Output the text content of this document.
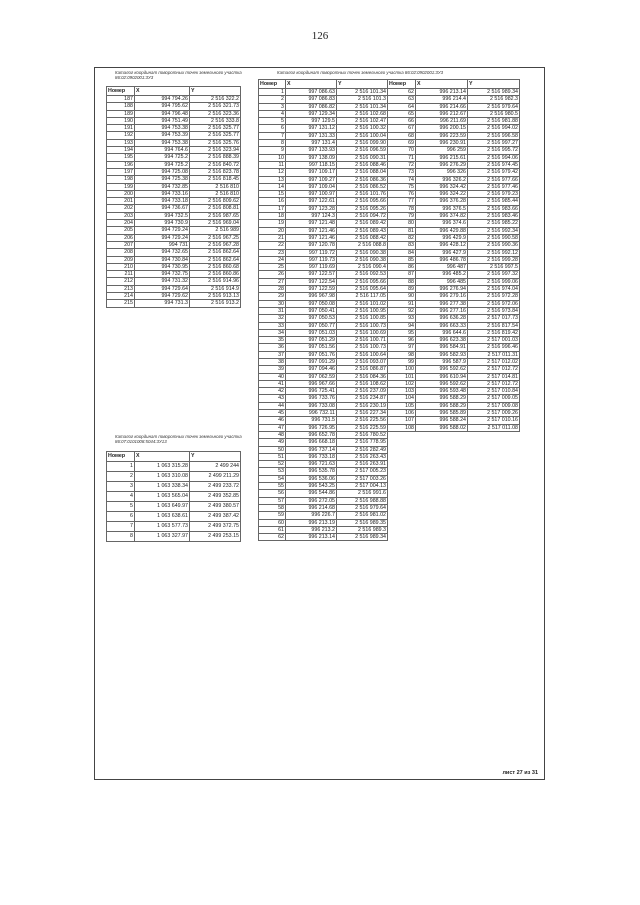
126
Каталог координат поворотных точек земельного участка 86:02:0902001:3У3
Каталог координат поворотных точек земельного участка 86:07:0101008:5044:3У13
Каталог координат поворотных точек земельного участка 86:02:0902001:3У3
Номер	X	Y
187	994 794.26	2 516 322.2
188	994 795.62	2 516 321.73
189	994 796.48	2 516 323.36
190	994 751.49	2 516 333.8
191	994 753.38	2 516 325.77
192	994 753.39	2 516 325.77
193	994 753.38	2 516 325.76
194	994 764.6	2 516 323.94
195	994 725.2	2 516 888.39
196	994 725.2	2 516 840.72
197	994 725.08	2 516 823.78
198	994 725.38	2 516 818.45
199	994 732.85	2 516 810
200	994 733.16	2 516 810
201	994 733.18	2 516 809.62
202	994 736.67	2 516 808.81
203	994 732.5	2 516 987.65
204	994 730.9	2 516 969.04
205	994 729.24	2 516 989
206	994 729.24	2 516 967.25
207	994 731	2 516 967.28
208	994 732.65	2 516 862.64
209	994 730.84	2 516 862.64
210	994 730.95	2 516 860.68
211	994 732.75	2 516 860.86
212	994 731.32	2 516 914.96
213	994 729.64	2 516 914.9
214	994 729.62	2 516 913.13
215	994 731.3	2 516 913.2
Номер	X	Y
1	1 063 315.28	2 499 244
2	1 063 310.08	2 499 211.29
3	1 063 338.34	2 499 233.72
4	1 063 565.04	2 499 352.85
5	1 063 649.97	2 499 380.57
6	1 063 638.61	2 499 387.42
7	1 063 577.73	2 499 372.75
8	1 063 327.97	2 499 253.15
Номер	X	Y
1	997 086.63	2 516 101.34
2	997 086.83	2 516 101.3
3	997 086.82	2 516 101.34
4	997 129.34	2 516 102.68
5	997 129.5	2 516 102.47
6	997 131.12	2 516 100.32
7	997 131.33	2 516 100.04
8	997 131.4	2 516 099.90
9	997 133.93	2 516 096.59
10	997 138.09	2 516 090.31
11	997 118.15	2 516 088.46
12	997 109.17	2 516 088.04
13	997 109.27	2 516 086.36
14	997 109.04	2 516 086.52
15	997 100.97	2 516 101.76
16	997 122.61	2 516 095.66
17	997 123.28	2 516 095.26
18	997 124.3	2 516 094.72
19	997 121.48	2 516 089.42
20	997 121.46	2 516 089.43
21	997 121.46	2 516 088.42
22	997 120.78	2 516 088.8
23	997 119.72	2 516 090.38
24	997 119.73	2 516 090.38
25	997 119.69	2 516 090.4
26	997 122.57	2 516 092.53
27	997 122.54	2 516 095.66
28	997 122.59	2 516 095.64
29	996 967.98	2 516 117.05
30	997 050.08	2 516 101.02
31	997 050.41	2 516 100.95
32	997 050.53	2 516 100.85
33	997 050.77	2 516 100.73
34	997 051.03	2 516 100.69
35	997 051.29	2 516 100.71
36	997 051.56	2 516 100.73
37	997 051.76	2 516 100.64
38	997 091.29	2 516 093.07
39	997 094.46	2 516 086.87
40	997 062.59	2 516 084.36
41	996 967.66	2 516 108.62
42	996 725.41	2 516 237.09
43	996 733.76	2 516 234.87
44	996 733.08	2 516 230.19
45	996 732.11	2 516 227.34
46	996 731.5	2 516 225.56
47	996 726.95	2 516 225.59
48	996 652.78	2 516 780.52
49	996 668.18	2 516 778.95
50	996 737.14	2 516 282.49
51	996 733.18	2 516 263.43
52	996 721.63	2 516 263.91
53	996 535.78	2 517 005.23
54	996 536.06	2 517 003.26
55	996 543.25	2 517 004.13
56	996 544.86	2 516 991.6
57	996 272.05	2 516 988.88
58	996 214.68	2 516 979.64
59	996 226.7	2 516 981.02
60	996 213.19	2 516 989.35
61	996 213.2	2 516 989.3
62	996 213.14	2 516 989.34
Номер	X	Y
62	996 213.14	2 516 989.34
63	996 214.4	2 516 982.3
64	996 214.66	2 516 979.64
65	996 212.67	2 516 980.5
66	996 211.69	2 516 981.88
67	996 200.15	2 516 994.02
68	996 223.59	2 516 996.58
69	996 230.91	2 516 997.27
70	996 259	2 516 995.72
71	996 215.61	2 516 994.06
72	996 276.29	2 516 974.45
73	996 326	2 516 979.42
74	996 326.2	2 516 977.66
75	996 324.42	2 516 977.46
76	996 324.22	2 516 979.23
77	996 376.28	2 516 985.44
78	996 376.5	2 516 983.66
79	996 374.82	2 516 983.46
80	996 374.6	2 516 985.22
81	996 429.88	2 516 992.34
82	996 429.9	2 516 990.58
83	996 428.12	2 516 990.36
84	996 427.9	2 516 992.12
85	996 486.78	2 516 999.28
86	996 487	2 516 997.5
87	996 485.2	2 516 997.32
88	996 485	2 516 999.06
89	996 276.94	2 516 974.04
90	996 279.16	2 516 972.28
91	996 277.38	2 516 972.06
92	996 277.16	2 516 973.84
93	996 636.28	2 517 017.73
94	996 663.33	2 516 817.54
95	996 644.6	2 516 819.42
96	996 623.38	2 517 001.03
97	996 584.91	2 516 996.46
98	996 582.93	2 517 011.31
99	996 587.9	2 517 012.02
100	996 592.62	2 517 012.72
101	996 610.94	2 517 014.81
102	996 592.62	2 517 012.72
103	996 593.48	2 517 010.84
104	996 588.29	2 517 009.05
105	996 588.29	2 517 009.08
106	996 585.89	2 517 009.26
107	996 588.24	2 517 010.16
108	996 588.02	2 517 011.08
лист 27 из 31
